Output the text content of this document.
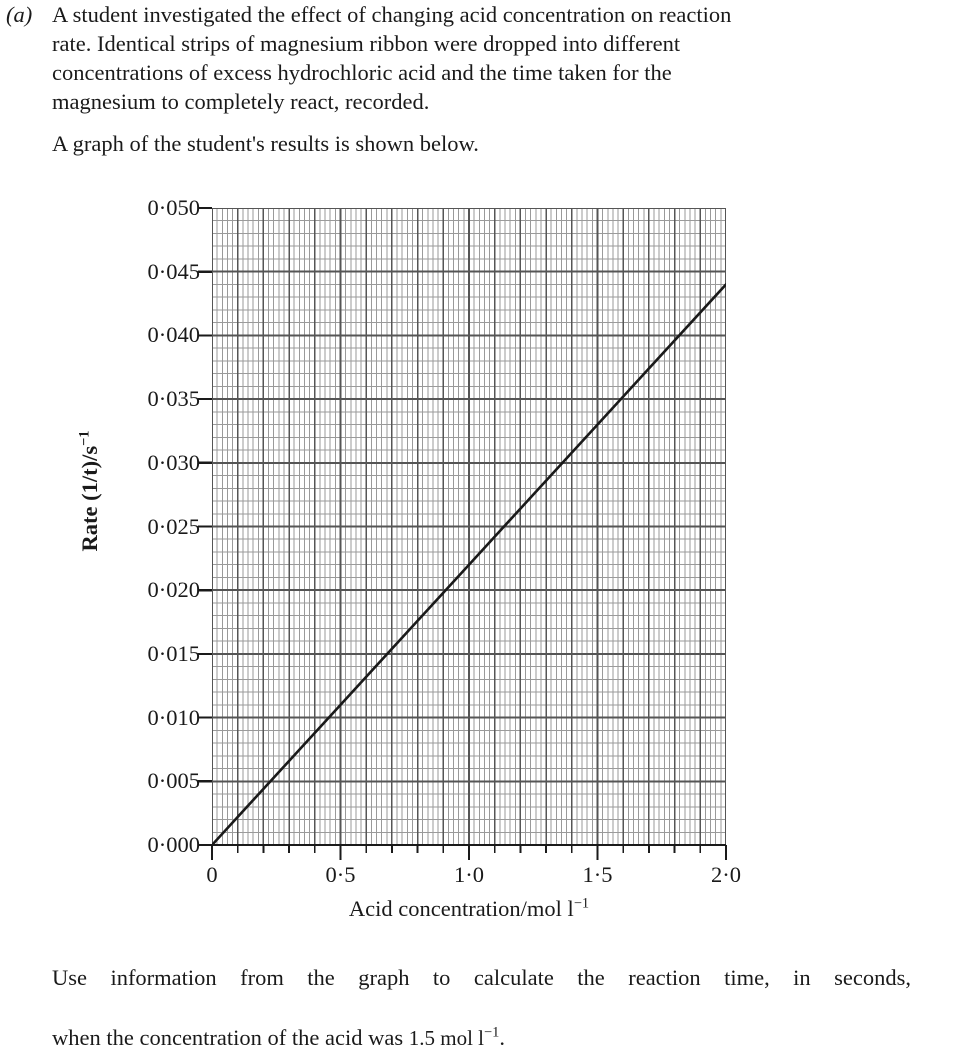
(a) A student investigated the effect of changing acid concentration on reaction

rate. Identical strips of magnesium ribbon were dropped into different

concentrations of excess hydrochloric acid and the time taken for the

magnesium to completely react, recorded.

A graph of the student's results is shown below.

Rate $(1/t)/s^{-1}$
0·050
0·045
0·040
0·035
0·030
0·025
0·020
0·015
0·010
0·005
0·000
0	0·5	1·0	1·5	2·0
Acid concentration/mol $l^{-1}$

Use information from the graph to calculate the reaction time, in seconds,

when the concentration of the acid was 1.5 mol $l^{-1}$.
